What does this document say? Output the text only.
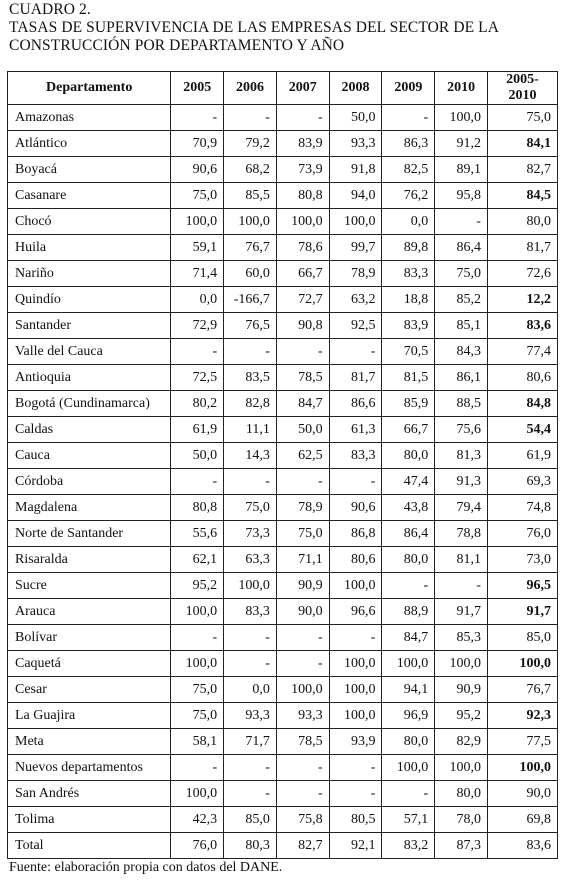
CUADRO 2.
TASAS DE SUPERVIVENCIA DE LAS EMPRESAS DEL SECTOR DE LA
CONSTRUCCIÓN POR DEPARTAMENTO Y AÑO
Departamento	2005	2006	2007	2008	2009	2010	2005-2010
Amazonas	-	-	-	50,0	-	100,0	75,0
Atlántico	70,9	79,2	83,9	93,3	86,3	91,2	84,1
Boyacá	90,6	68,2	73,9	91,8	82,5	89,1	82,7
Casanare	75,0	85,5	80,8	94,0	76,2	95,8	84,5
Chocó	100,0	100,0	100,0	100,0	0,0	-	80,0
Huila	59,1	76,7	78,6	99,7	89,8	86,4	81,7
Nariño	71,4	60,0	66,7	78,9	83,3	75,0	72,6
Quindío	0,0	-166,7	72,7	63,2	18,8	85,2	12,2
Santander	72,9	76,5	90,8	92,5	83,9	85,1	83,6
Valle del Cauca	-	-	-	-	70,5	84,3	77,4
Antioquia	72,5	83,5	78,5	81,7	81,5	86,1	80,6
Bogotá (Cundinamarca)	80,2	82,8	84,7	86,6	85,9	88,5	84,8
Caldas	61,9	11,1	50,0	61,3	66,7	75,6	54,4
Cauca	50,0	14,3	62,5	83,3	80,0	81,3	61,9
Córdoba	-	-	-	-	47,4	91,3	69,3
Magdalena	80,8	75,0	78,9	90,6	43,8	79,4	74,8
Norte de Santander	55,6	73,3	75,0	86,8	86,4	78,8	76,0
Risaralda	62,1	63,3	71,1	80,6	80,0	81,1	73,0
Sucre	95,2	100,0	90,9	100,0	-	-	96,5
Arauca	100,0	83,3	90,0	96,6	88,9	91,7	91,7
Bolívar	-	-	-	-	84,7	85,3	85,0
Caquetá	100,0	-	-	100,0	100,0	100,0	100,0
Cesar	75,0	0,0	100,0	100,0	94,1	90,9	76,7
La Guajira	75,0	93,3	93,3	100,0	96,9	95,2	92,3
Meta	58,1	71,7	78,5	93,9	80,0	82,9	77,5
Nuevos departamentos	-	-	-	-	100,0	100,0	100,0
San Andrés	100,0	-	-	-	-	80,0	90,0
Tolima	42,3	85,0	75,8	80,5	57,1	78,0	69,8
Total	76,0	80,3	82,7	92,1	83,2	87,3	83,6
Fuente: elaboración propia con datos del DANE.
